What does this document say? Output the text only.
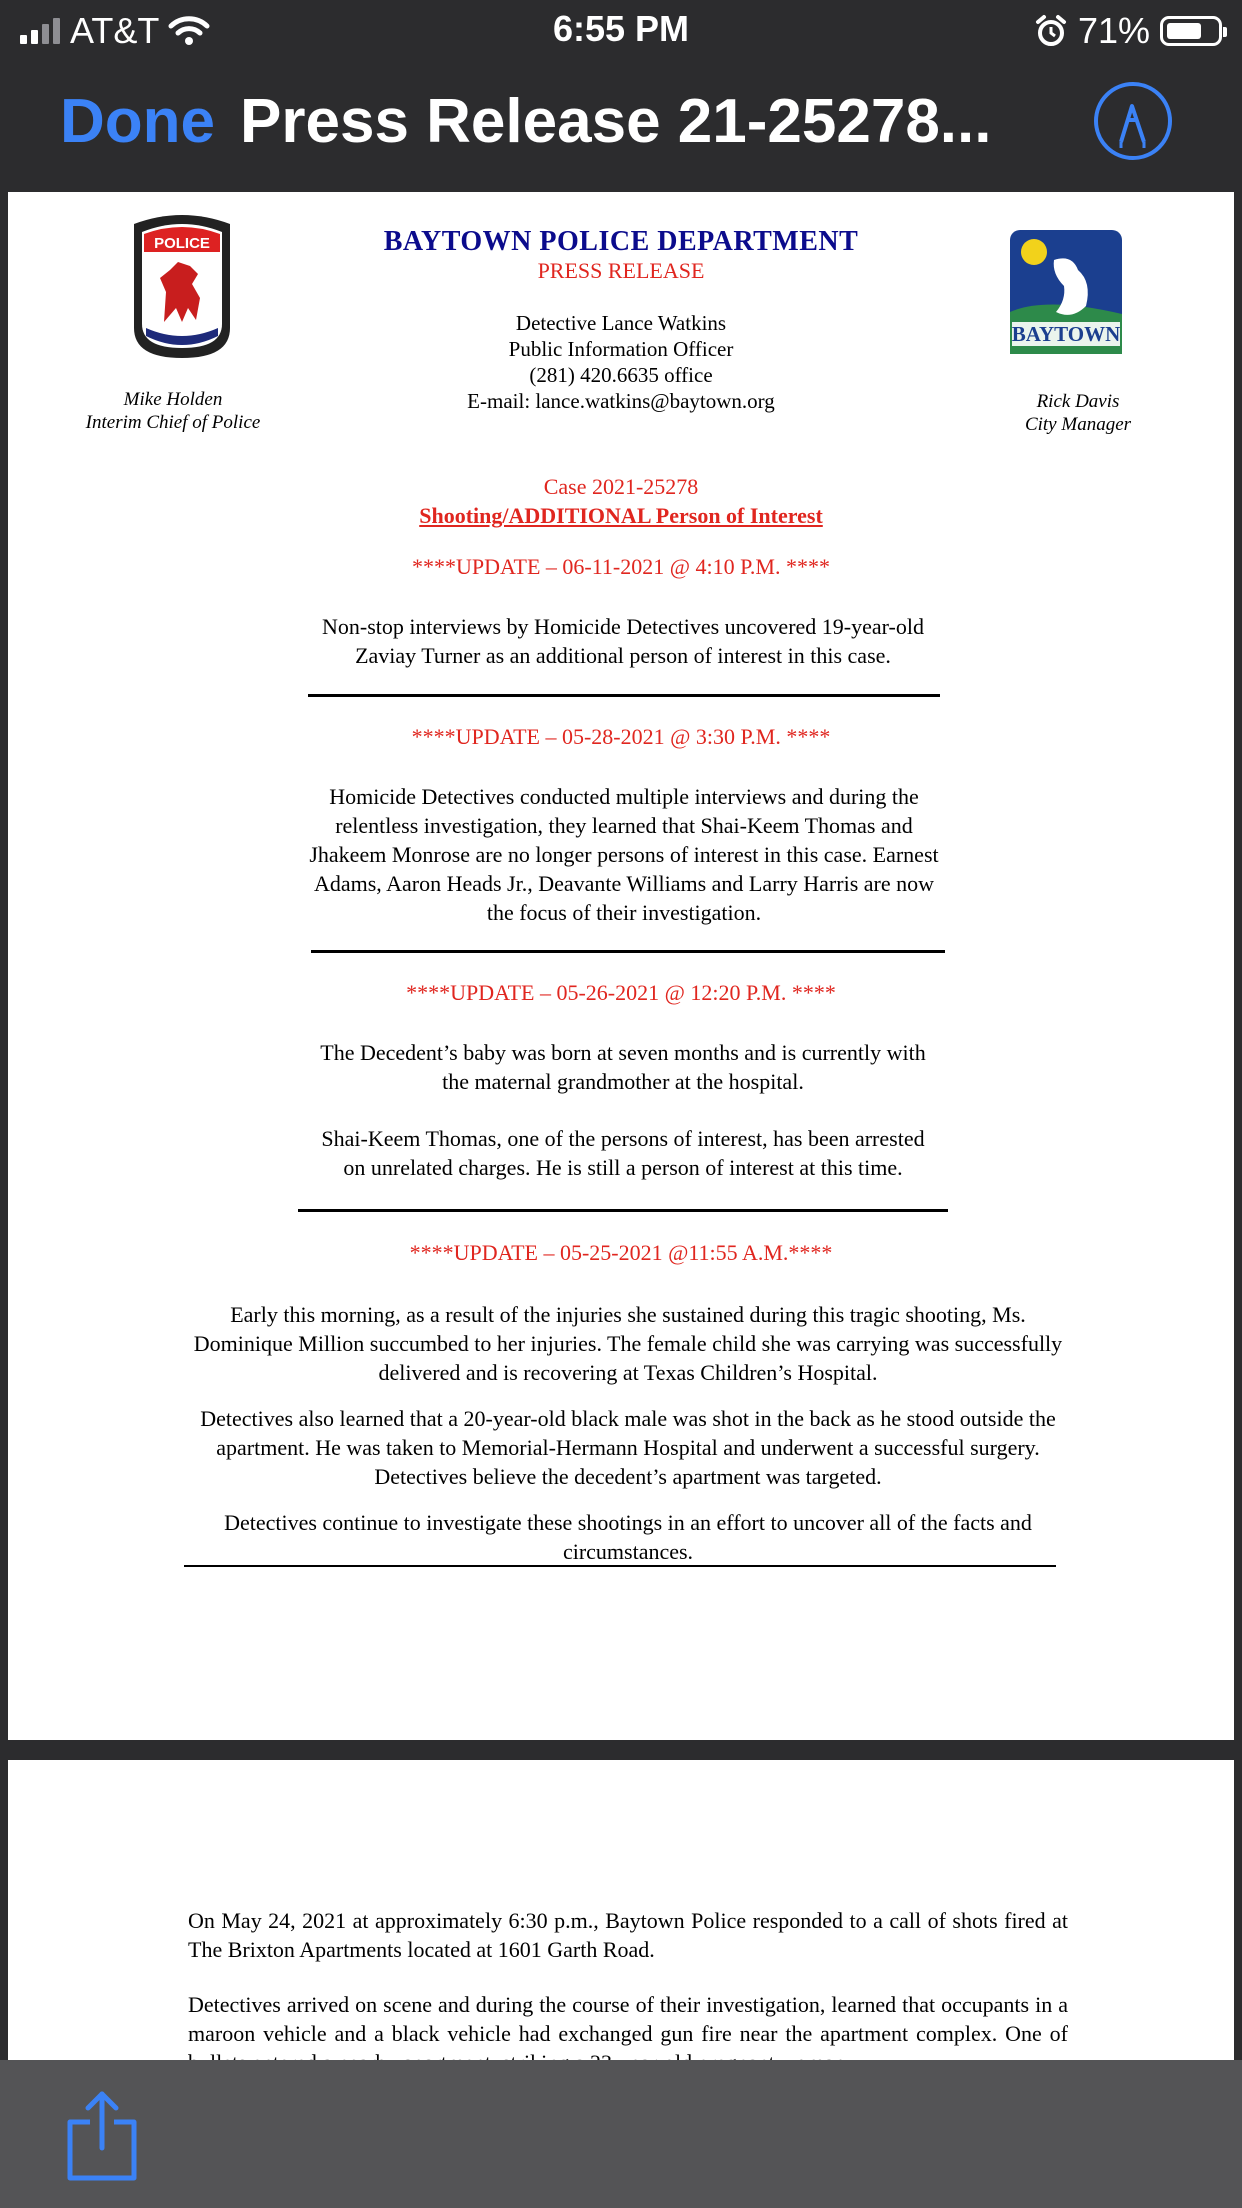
AT&T	6:55 PM	71%
Done Press Release 21-25278...
POLICE
BAYTOWN
BAYTOWN POLICE DEPARTMENT
PRESS RELEASE
Detective Lance Watkins
Public Information Officer
(281) 420.6635 office
E-mail: lance.watkins@baytown.org
Mike Holden
Interim Chief of Police
Rick Davis
City Manager
Case 2021-25278
Shooting/ADDITIONAL Person of Interest
****UPDATE – 06-11-2021 @ 4:10 P.M. ****
Non-stop interviews by Homicide Detectives uncovered 19-year-old Zaviay Turner as an additional person of interest in this case.
****UPDATE – 05-28-2021 @ 3:30 P.M. ****
Homicide Detectives conducted multiple interviews and during the relentless investigation, they learned that Shai-Keem Thomas and Jhakeem Monrose are no longer persons of interest in this case. Earnest Adams, Aaron Heads Jr., Deavante Williams and Larry Harris are now the focus of their investigation.
****UPDATE – 05-26-2021 @ 12:20 P.M. ****
The Decedent’s baby was born at seven months and is currently with the maternal grandmother at the hospital.
Shai-Keem Thomas, one of the persons of interest, has been arrested on unrelated charges. He is still a person of interest at this time.
****UPDATE – 05-25-2021 @11:55 A.M.****
Early this morning, as a result of the injuries she sustained during this tragic shooting, Ms. Dominique Million succumbed to her injuries. The female child she was carrying was successfully delivered and is recovering at Texas Children’s Hospital.
Detectives also learned that a 20-year-old black male was shot in the back as he stood outside the apartment. He was taken to Memorial-Hermann Hospital and underwent a successful surgery. Detectives believe the decedent’s apartment was targeted.
Detectives continue to investigate these shootings in an effort to uncover all of the facts and circumstances.
On May 24, 2021 at approximately 6:30 p.m., Baytown Police responded to a call of shots fired at The Brixton Apartments located at 1601 Garth Road.
Detectives arrived on scene and during the course of their investigation, learned that occupants in a maroon vehicle and a black vehicle had exchanged gun fire near the apartment complex. One of
